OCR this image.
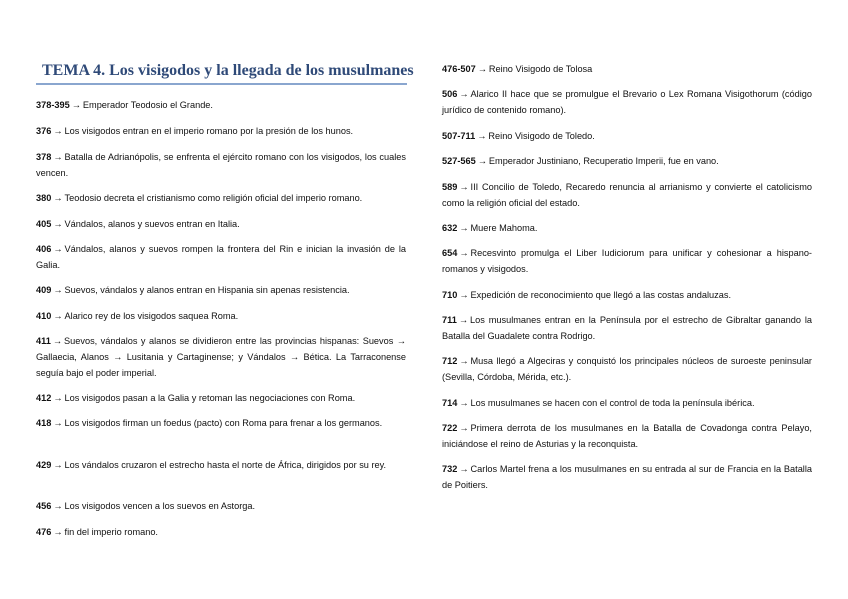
TEMA 4. Los visigodos y la llegada de los musulmanes
378-395 → Emperador Teodosio el Grande.
376 → Los visigodos entran en el imperio romano por la presión de los hunos.
378 → Batalla de Adrianópolis, se enfrenta el ejército romano con los visigodos, los cuales vencen.
380 → Teodosio decreta el cristianismo como religión oficial del imperio romano.
405 → Vándalos, alanos y suevos entran en Italia.
406 → Vándalos, alanos y suevos rompen la frontera del Rin e inician la invasión de la Galia.
409 → Suevos, vándalos y alanos entran en Hispania sin apenas resistencia.
410 → Alarico rey de los visigodos saquea Roma.
411 → Suevos, vándalos y alanos se dividieron entre las provincias hispanas: Suevos → Gallaecia, Alanos → Lusitania y Cartaginense; y Vándalos → Bética. La Tarraconense seguía bajo el poder imperial.
412 → Los visigodos pasan a la Galia y retoman las negociaciones con Roma.
418 → Los visigodos firman un foedus (pacto) con Roma para frenar a los germanos.
429 → Los vándalos cruzaron el estrecho hasta el norte de África, dirigidos por su rey.
456 → Los visigodos vencen a los suevos en Astorga.
476 → fin del imperio romano.
476-507 → Reino Visigodo de Tolosa
506 → Alarico II hace que se promulgue el Brevario o Lex Romana Visigothorum (código jurídico de contenido romano).
507-711 → Reino Visigodo de Toledo.
527-565 → Emperador Justiniano, Recuperatio Imperii, fue en vano.
589 → III Concilio de Toledo, Recaredo renuncia al arrianismo y convierte el catolicismo como la religión oficial del estado.
632 → Muere Mahoma.
654 → Recesvinto promulga el Liber Iudiciorum para unificar y cohesionar a hispano-romanos y visigodos.
710 → Expedición de reconocimiento que llegó a las costas andaluzas.
711 → Los musulmanes entran en la Península por el estrecho de Gibraltar ganando la Batalla del Guadalete contra Rodrigo.
712 → Musa llegó a Algeciras y conquistó los principales núcleos de suroeste peninsular (Sevilla, Córdoba, Mérida, etc.).
714 → Los musulmanes se hacen con el control de toda la península ibérica.
722 → Primera derrota de los musulmanes en la Batalla de Covadonga contra Pelayo, iniciándose el reino de Asturias y la reconquista.
732 → Carlos Martel frena a los musulmanes en su entrada al sur de Francia en la Batalla de Poitiers.
